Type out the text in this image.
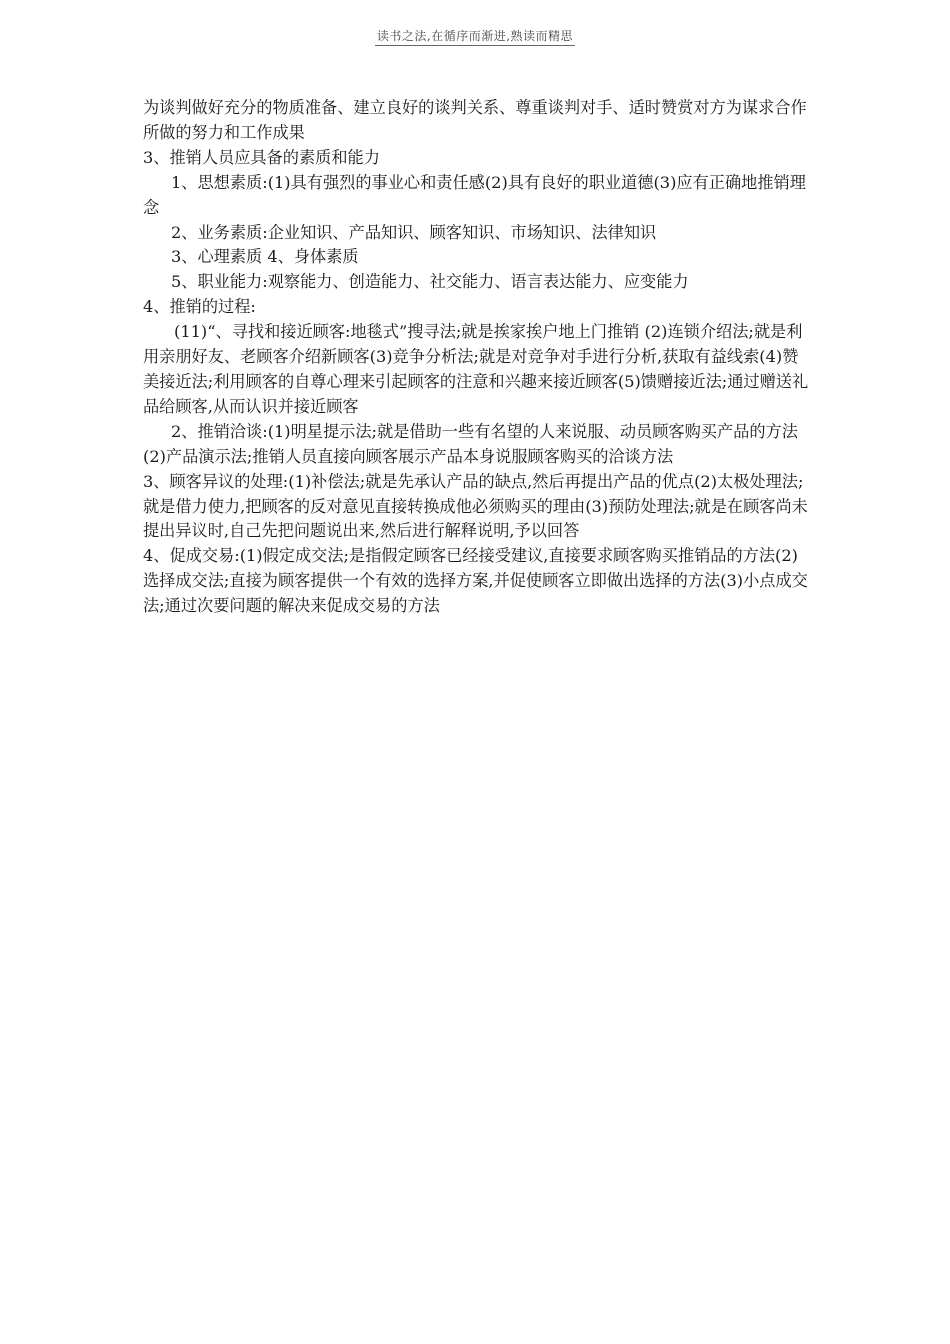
读书之法,在循序而渐进,熟读而精思

为谈判做好充分的物质准备、建立良好的谈判关系、尊重谈判对手、适时赞赏对方为谋求合作所做的努力和工作成果

3、推销人员应具备的素质和能力

1、思想素质:(1)具有强烈的事业心和责任感(2)具有良好的职业道德(3)应有正确地推销理念

2、业务素质:企业知识、产品知识、顾客知识、市场知识、法律知识

3、心理素质 4、身体素质

5、职业能力:观察能力、创造能力、社交能力、语言表达能力、应变能力

4、推销的过程:

(11)“、寻找和接近顾客:地毯式”搜寻法;就是挨家挨户地上门推销 (2)连锁介绍法;就是利用亲朋好友、老顾客介绍新顾客(3)竞争分析法;就是对竞争对手进行分析,获取有益线索(4)赞美接近法;利用顾客的自尊心理来引起顾客的注意和兴趣来接近顾客(5)馈赠接近法;通过赠送礼品给顾客,从而认识并接近顾客

2、推销洽谈:(1)明星提示法;就是借助一些有名望的人来说服、动员顾客购买产品的方法(2)产品演示法;推销人员直接向顾客展示产品本身说服顾客购买的洽谈方法

3、顾客异议的处理:(1)补偿法;就是先承认产品的缺点,然后再提出产品的优点(2)太极处理法;就是借力使力,把顾客的反对意见直接转换成他必须购买的理由(3)预防处理法;就是在顾客尚未提出异议时,自己先把问题说出来,然后进行解释说明,予以回答

4、促成交易:(1)假定成交法;是指假定顾客已经接受建议,直接要求顾客购买推销品的方法(2)选择成交法;直接为顾客提供一个有效的选择方案,并促使顾客立即做出选择的方法(3)小点成交法;通过次要问题的解决来促成交易的方法
